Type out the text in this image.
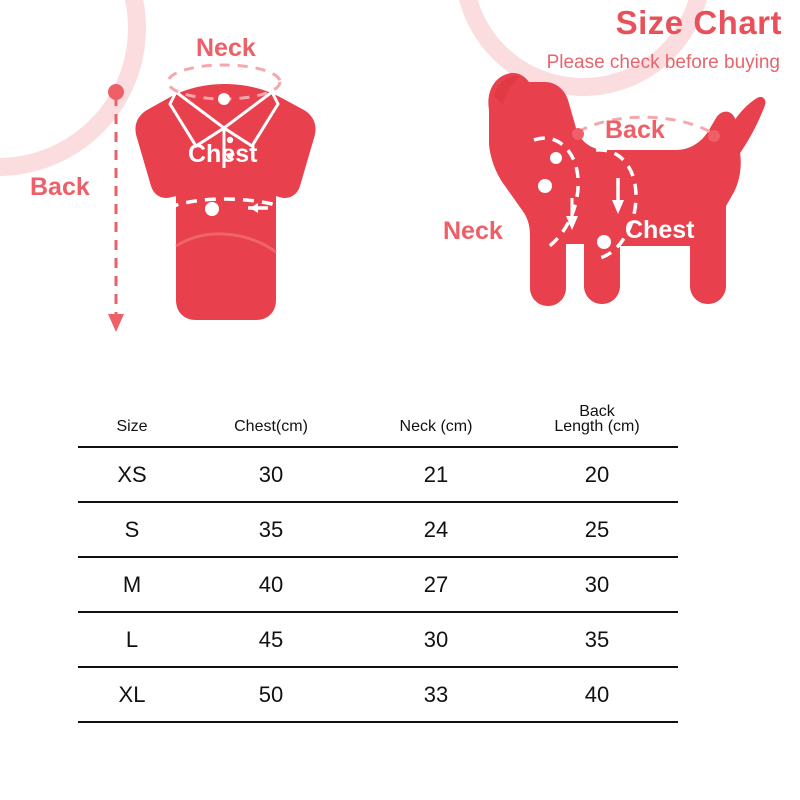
Size Chart
Please check before buying
Neck
Back
Chest
Back
Neck	Chest
Size	Chest(cm)	Neck (cm)	Back
Length (cm)

XS	30	21	20
S	35	24	25
M	40	27	30
L	45	30	35
XL	50	33	40
